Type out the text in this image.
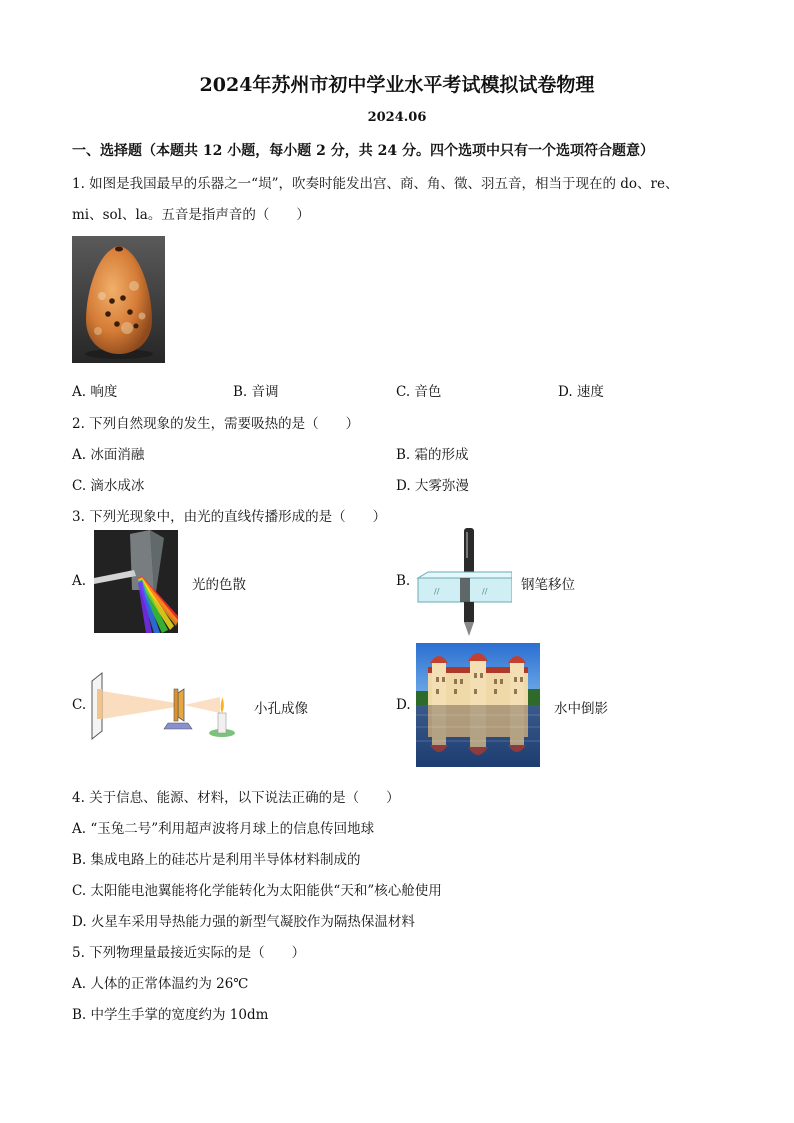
2024年苏州市初中学业水平考试模拟试卷物理
2024.06
一、选择题（本题共 12 小题，每小题 2 分，共 24 分。四个选项中只有一个选项符合题意）
1. 如图是我国最早的乐器之一“埙”，吹奏时能发出宫、商、角、徵、羽五音，相当于现在的 do、re、
mi、sol、la。五音是指声音的（　　）
A. 响度	B. 音调	C. 音色	D. 速度
2. 下列自然现象的发生，需要吸热的是（　　）
A. 冰面消融	B. 霜的形成
C. 滴水成冰	D. 大雾弥漫
3. 下列光现象中，由光的直线传播形成的是（　　）
A.	光的色散	B.
//	// 钢笔移位
C.	小孔成像	D.	水中倒影
4. 关于信息、能源、材料，以下说法正确的是（　　）
A. “玉兔二号”利用超声波将月球上的信息传回地球
B. 集成电路上的硅芯片是利用半导体材料制成的
C. 太阳能电池翼能将化学能转化为太阳能供“天和”核心舱使用
D. 火星车采用导热能力强的新型气凝胶作为隔热保温材料
5. 下列物理量最接近实际的是（　　）
A. 人体的正常体温约为 26℃
B. 中学生手掌的宽度约为 10dm
